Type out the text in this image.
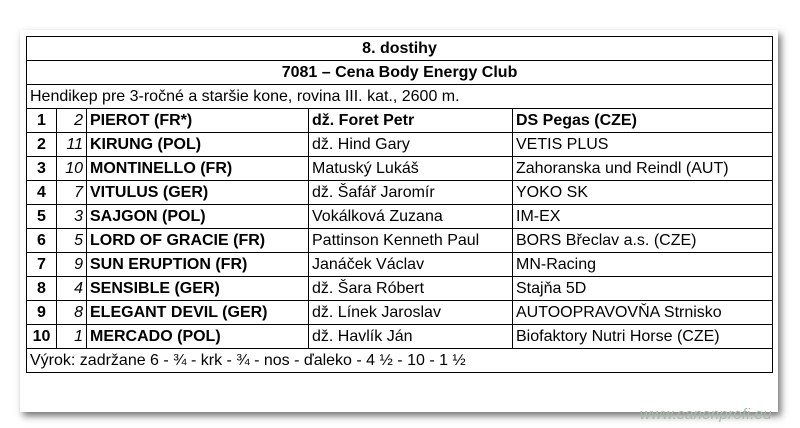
8. dostihy				
7081 – Cena Body Energy Club				
Hendikep pre 3-ročné a staršie kone, rovina III. kat., 2600 m.				
1	2	PIEROT (FR*)	dž. Foret Petr	DS Pegas (CZE)
2	11	KIRUNG (POL)	dž. Hind Gary	VETIS PLUS
3	10	MONTINELLO (FR)	Matuský Lukáš	Zahoranska und Reindl (AUT)
4	7	VITULUS (GER)	dž. Šafář Jaromír	YOKO SK
5	3	SAJGON (POL)	Vokálková Zuzana	IM-EX
6	5	LORD OF GRACIE (FR)	Pattinson Kenneth Paul	BORS Břeclav a.s. (CZE)
7	9	SUN ERUPTION (FR)	Janáček Václav	MN-Racing
8	4	SENSIBLE (GER)	dž. Šara Róbert	Stajňa 5D
9	8	ELEGANT DEVIL (GER)	dž. Línek Jaroslav	AUTOOPRAVOVŇA Strnisko
10	1	MERCADO (POL)	dž. Havlík Ján	Biofaktory Nutri Horse (CZE)
Výrok: zadržane 6 - ¾ - krk - ¾ - nos - ďaleko - 4 ½ - 10 - 1 ½				
www.canonprofi.eu
